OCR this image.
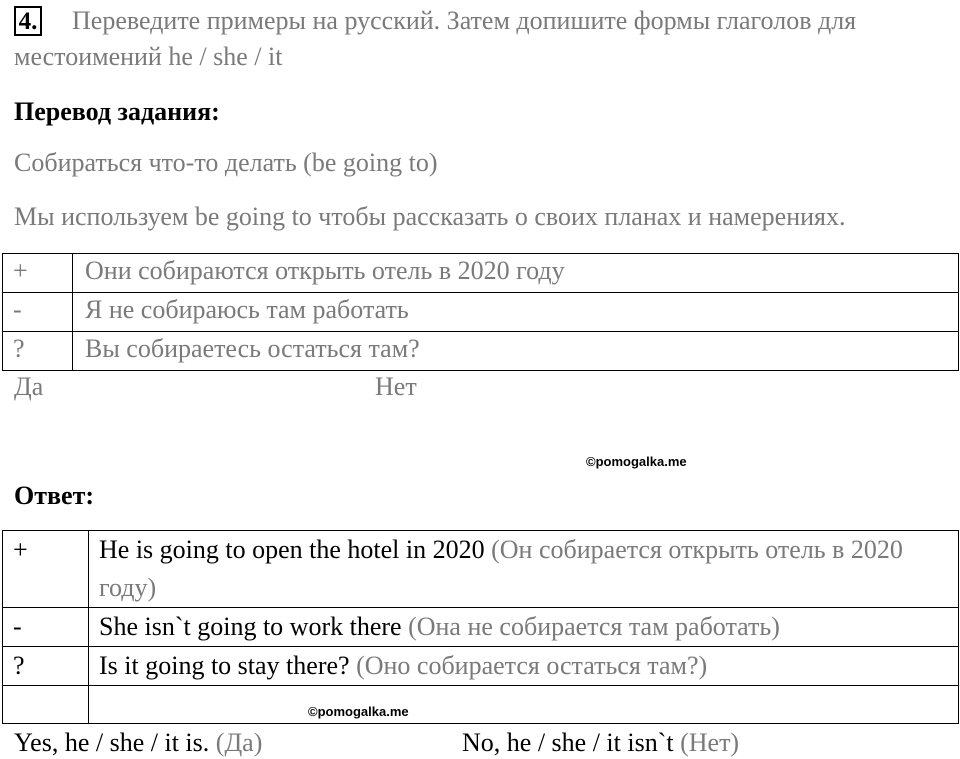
4. Переведите примеры на русский. Затем допишите формы глаголов для
местоимений he / she / it
Перевод задания:
Собираться что-то делать (be going to)
Мы используем be going to чтобы рассказать о своих планах и намерениях.
+	Они собираются открыть отель в 2020 году
-	Я не собираюсь там работать
?	Вы собираетесь остаться там?
Да	Нет
©pomogalka.me
Ответ:
+	He is going to open the hotel in 2020 (Он собирается открыть отель в 2020 году)
-	She isn`t going to work there (Она не собирается там работать)
?	Is it going to stay there? (Оно собирается остаться там?)

©pomogalka.me
Yes, he / she / it is. (Да)	No, he / she / it isn`t (Нет)
